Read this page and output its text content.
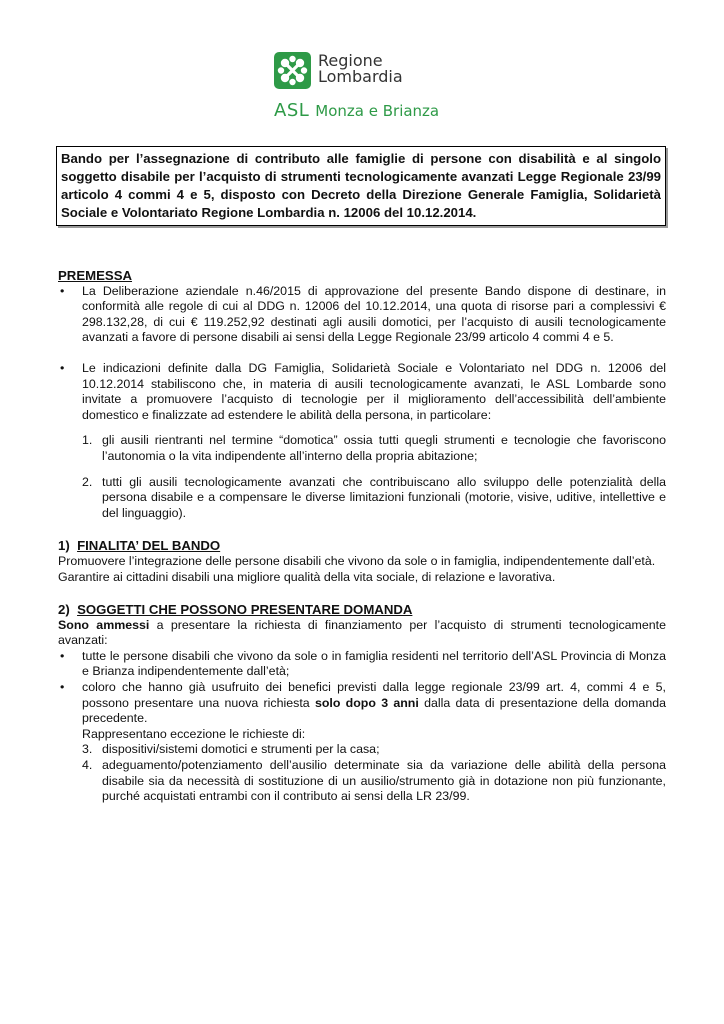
Regione
Lombardia
ASL Monza e Brianza

Bando per l’assegnazione di contributo alle famiglie di persone con disabilità e al singolo soggetto disabile per l’acquisto di strumenti tecnologicamente avanzati Legge Regionale 23/99 articolo 4 commi 4 e 5, disposto con Decreto della Direzione Generale Famiglia, Solidarietà Sociale e Volontariato Regione Lombardia n. 12006 del 10.12.2014.

PREMESSA

• La Deliberazione aziendale n.46/2015 di approvazione del presente Bando dispone di destinare, in conformità alle regole di cui al DDG n. 12006 del 10.12.2014, una quota di risorse pari a complessivi € 298.132,28, di cui € 119.252,92 destinati agli ausili domotici, per l’acquisto di ausili tecnologicamente avanzati a favore di persone disabili ai sensi della Legge Regionale 23/99 articolo 4 commi 4 e 5.
• Le indicazioni definite dalla DG Famiglia, Solidarietà Sociale e Volontariato nel DDG n. 12006 del 10.12.2014 stabiliscono che, in materia di ausili tecnologicamente avanzati, le ASL Lombarde sono invitate a promuovere l’acquisto di tecnologie per il miglioramento dell’accessibilità dell’ambiente domestico e finalizzate ad estendere le abilità della persona, in particolare:
1. gli ausili rientranti nel termine “domotica” ossia tutti quegli strumenti e tecnologie che favoriscono l’autonomia o la vita indipendente all’interno della propria abitazione;
2. tutti gli ausili tecnologicamente avanzati che contribuiscano allo sviluppo delle potenzialità della persona disabile e a compensare le diverse limitazioni funzionali (motorie, visive, uditive, intellettive e del linguaggio).

1) FINALITA’ DEL BANDO

Promuovere l’integrazione delle persone disabili che vivono da sole o in famiglia, indipendentemente dall’età.

Garantire ai cittadini disabili una migliore qualità della vita sociale, di relazione e lavorativa.

2) SOGGETTI CHE POSSONO PRESENTARE DOMANDA

Sono ammessi a presentare la richiesta di finanziamento per l’acquisto di strumenti tecnologicamente avanzati:

• tutte le persone disabili che vivono da sole o in famiglia residenti nel territorio dell’ASL Provincia di Monza e Brianza indipendentemente dall’età;
• coloro che hanno già usufruito dei benefici previsti dalla legge regionale 23/99 art. 4, commi 4 e 5, possono presentare una nuova richiesta solo dopo 3 anni dalla data di presentazione della domanda precedente.

Rappresentano eccezione le richieste di:

3. dispositivi/sistemi domotici e strumenti per la casa;
4. adeguamento/potenziamento dell’ausilio determinate sia da variazione delle abilità della persona disabile sia da necessità di sostituzione di un ausilio/strumento già in dotazione non più funzionante, purché acquistati entrambi con il contributo ai sensi della LR 23/99.
